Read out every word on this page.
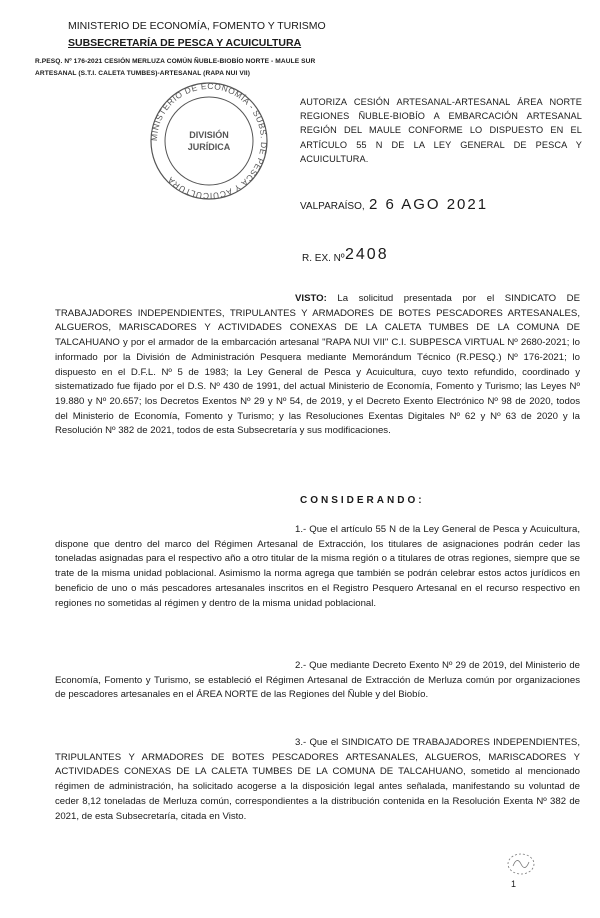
MINISTERIO DE ECONOMÍA, FOMENTO Y TURISMO
SUBSECRETARÍA DE PESCA Y ACUICULTURA
R.PESQ. Nº 176-2021 CESIÓN MERLUZA COMÚN ÑUBLE-BIOBÍO NORTE - MAULE SUR
ARTESANAL (S.T.I. CALETA TUMBES)-ARTESANAL (RAPA NUI VII)
MINISTERIO DE ECONOMÍA - SUBS. DE PESCA Y ACUICULTURA
DIVISIÓN
JURÍDICA
AUTORIZA CESIÓN ARTESANAL-ARTESANAL ÁREA NORTE REGIONES ÑUBLE-BIOBÍO A EMBARCACIÓN ARTESANAL REGIÓN DEL MAULE CONFORME LO DISPUESTO EN EL ARTÍCULO 55 N DE LA LEY GENERAL DE PESCA Y ACUICULTURA.
VALPARAÍSO, 2 6 AGO 2021
R. EX. Nº 2408

VISTO: La solicitud presentada por el SINDICATO DE TRABAJADORES INDEPENDIENTES, TRIPULANTES Y ARMADORES DE BOTES PESCADORES ARTESANALES, ALGUEROS, MARISCADORES Y ACTIVIDADES CONEXAS DE LA CALETA TUMBES DE LA COMUNA DE TALCAHUANO y por el armador de la embarcación artesanal "RAPA NUI VII" C.I. SUBPESCA VIRTUAL Nº 2680-2021; lo informado por la División de Administración Pesquera mediante Memorándum Técnico (R.PESQ.) Nº 176-2021; lo dispuesto en el D.F.L. Nº 5 de 1983; la Ley General de Pesca y Acuicultura, cuyo texto refundido, coordinado y sistematizado fue fijado por el D.S. Nº 430 de 1991, del actual Ministerio de Economía, Fomento y Turismo; las Leyes Nº 19.880 y Nº 20.657; los Decretos Exentos Nº 29 y Nº 54, de 2019, y el Decreto Exento Electrónico Nº 98 de 2020, todos del Ministerio de Economía, Fomento y Turismo; y las Resoluciones Exentas Digitales Nº 62 y Nº 63 de 2020 y la Resolución Nº 382 de 2021, todos de esta Subsecretaría y sus modificaciones.

CONSIDERANDO:

1.- Que el artículo 55 N de la Ley General de Pesca y Acuicultura, dispone que dentro del marco del Régimen Artesanal de Extracción, los titulares de asignaciones podrán ceder las toneladas asignadas para el respectivo año a otro titular de la misma región o a titulares de otras regiones, siempre que se trate de la misma unidad poblacional. Asimismo la norma agrega que también se podrán celebrar estos actos jurídicos en beneficio de uno o más pescadores artesanales inscritos en el Registro Pesquero Artesanal en el recurso respectivo en regiones no sometidas al régimen y dentro de la misma unidad poblacional.

2.- Que mediante Decreto Exento Nº 29 de 2019, del Ministerio de Economía, Fomento y Turismo, se estableció el Régimen Artesanal de Extracción de Merluza común por organizaciones de pescadores artesanales en el ÁREA NORTE de las Regiones del Ñuble y del Biobío.

3.- Que el SINDICATO DE TRABAJADORES INDEPENDIENTES, TRIPULANTES Y ARMADORES DE BOTES PESCADORES ARTESANALES, ALGUEROS, MARISCADORES Y ACTIVIDADES CONEXAS DE LA CALETA TUMBES DE LA COMUNA DE TALCAHUANO, sometido al mencionado régimen de administración, ha solicitado acogerse a la disposición legal antes señalada, manifestando su voluntad de ceder 8,12 toneladas de Merluza común, correspondientes a la distribución contenida en la Resolución Exenta Nº 382 de 2021, de esta Subsecretaría, citada en Visto.

1
